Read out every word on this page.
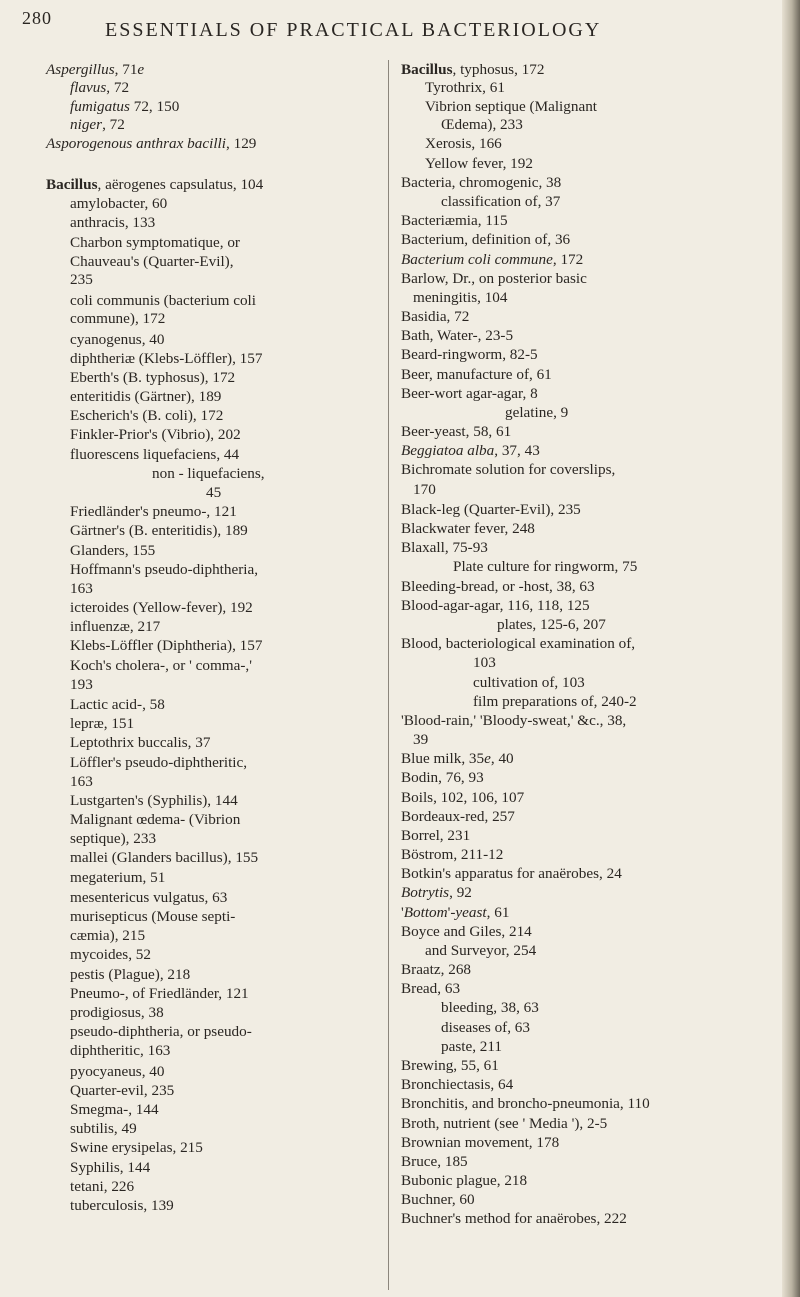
280
ESSENTIALS OF PRACTICAL BACTERIOLOGY
Aspergillus, 71e
flavus, 72
fumigatus 72, 150
niger, 72
Asporogenous anthrax bacilli, 129
Bacillus, aërogenes capsulatus, 104
amylobacter, 60
anthracis, 133
Charbon symptomatique, or
Chauveau's (Quarter-Evil),
235
coli communis (bacterium coli
commune), 172
cyanogenus, 40
diphtheriæ (Klebs-Löffler), 157
Eberth's (B. typhosus), 172
enteritidis (Gärtner), 189
Escherich's (B. coli), 172
Finkler-Prior's (Vibrio), 202
fluorescens liquefaciens, 44
non - liquefaciens,
45
Friedländer's pneumo-, 121
Gärtner's (B. enteritidis), 189
Glanders, 155
Hoffmann's pseudo-diphtheria,
163
icteroides (Yellow-fever), 192
influenzæ, 217
Klebs-Löffler (Diphtheria), 157
Koch's cholera-, or ' comma-,'
193
Lactic acid-, 58
lepræ, 151
Leptothrix buccalis, 37
Löffler's pseudo-diphtheritic,
163
Lustgarten's (Syphilis), 144
Malignant œdema- (Vibrion
septique), 233
mallei (Glanders bacillus), 155
megaterium, 51
mesentericus vulgatus, 63
murisepticus (Mouse septi-
cæmia), 215
mycoides, 52
pestis (Plague), 218
Pneumo-, of Friedländer, 121
prodigiosus, 38
pseudo-diphtheria, or pseudo-
diphtheritic, 163
pyocyaneus, 40
Quarter-evil, 235
Smegma-, 144
subtilis, 49
Swine erysipelas, 215
Syphilis, 144
tetani, 226
tuberculosis, 139
Bacillus, typhosus, 172
Tyrothrix, 61
Vibrion septique (Malignant
Œdema), 233
Xerosis, 166
Yellow fever, 192
Bacteria, chromogenic, 38
classification of, 37
Bacteriæmia, 115
Bacterium, definition of, 36
Bacterium coli commune, 172
Barlow, Dr., on posterior basic
meningitis, 104
Basidia, 72
Bath, Water-, 23-5
Beard-ringworm, 82-5
Beer, manufacture of, 61
Beer-wort agar-agar, 8
gelatine, 9
Beer-yeast, 58, 61
Beggiatoa alba, 37, 43
Bichromate solution for coverslips,
170
Black-leg (Quarter-Evil), 235
Blackwater fever, 248
Blaxall, 75-93
Plate culture for ringworm, 75
Bleeding-bread, or -host, 38, 63
Blood-agar-agar, 116, 118, 125
plates, 125-6, 207
Blood, bacteriological examination of,
103
cultivation of, 103
film preparations of, 240-2
'Blood-rain,' 'Bloody-sweat,' &c., 38,
39
Blue milk, 35e, 40
Bodin, 76, 93
Boils, 102, 106, 107
Bordeaux-red, 257
Borrel, 231
Böstrom, 211-12
Botkin's apparatus for anaërobes, 24
Botrytis, 92
'Bottom'-yeast, 61
Boyce and Giles, 214
and Surveyor, 254
Braatz, 268
Bread, 63
bleeding, 38, 63
diseases of, 63
paste, 211
Brewing, 55, 61
Bronchiectasis, 64
Bronchitis, and broncho-pneumonia, 110
Broth, nutrient (see ' Media '), 2-5
Brownian movement, 178
Bruce, 185
Bubonic plague, 218
Buchner, 60
Buchner's method for anaërobes, 222
